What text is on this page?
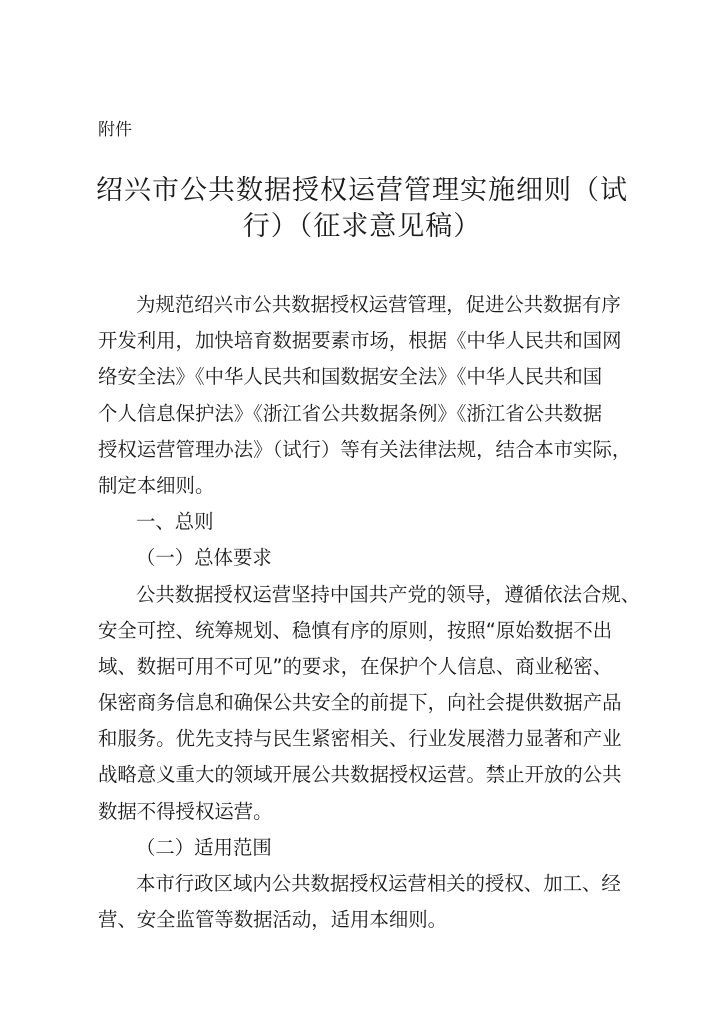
附件
绍兴市公共数据授权运营管理实施细则（试
行）（征求意见稿）
为规范绍兴市公共数据授权运营管理，促进公共数据有序
开发利用，加快培育数据要素市场，根据《中华人民共和国网
络安全法》《中华人民共和国数据安全法》《中华人民共和国
个人信息保护法》《浙江省公共数据条例》《浙江省公共数据
授权运营管理办法》（试行）等有关法律法规，结合本市实际，
制定本细则。
一、总则
（一）总体要求
公共数据授权运营坚持中国共产党的领导，遵循依法合规、
安全可控、统筹规划、稳慎有序的原则，按照“原始数据不出
域、数据可用不可见”的要求，在保护个人信息、商业秘密、
保密商务信息和确保公共安全的前提下，向社会提供数据产品
和服务。优先支持与民生紧密相关、行业发展潜力显著和产业
战略意义重大的领域开展公共数据授权运营。禁止开放的公共
数据不得授权运营。
（二）适用范围
本市行政区域内公共数据授权运营相关的授权、加工、经
营、安全监管等数据活动，适用本细则。
